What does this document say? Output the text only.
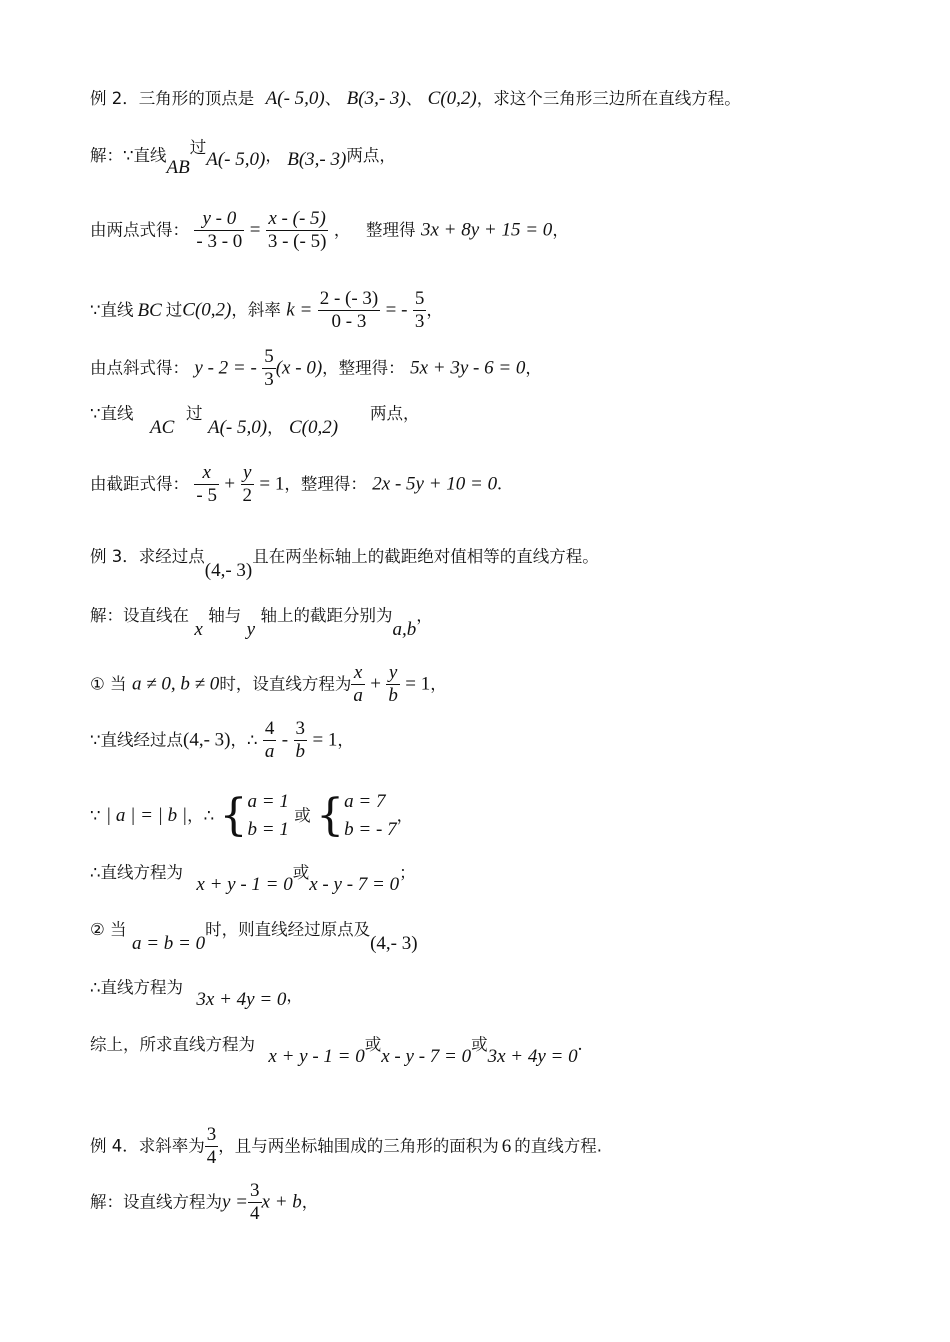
例 2．三角形的顶点是 A(- 5,0)、 B(3,- 3)、 C(0,2)，求这个三角形三边所在直线方程。
解：∵直线AB过A(- 5,0)， B(3,- 3)两点，
由两点式得： $\frac{y - 0}{- 3 - 0} = \frac{x - (- 5)}{3 - (- 5)}$ ，   整理得 3x + 8y + 15 = 0，
∵直线 BC 过C(0,2)，斜率 $k = \frac{2 - (- 3)}{0 - 3}$ = - $\frac{5}{3}$ ，
由点斜式得： y - 2 = - $\frac{5}{3} (x - 0)$，整理得： 5x + 3y - 6 = 0，
∵直线

AC
过
A(- 5,0)， C(0,2)
两点，
由截距式得： $\frac{x}{- 5} + \frac{y}{2} = 1$，整理得： 2x - 5y + 10 = 0.
例 3．求经过点(4,- 3)且在两坐标轴上的截距绝对值相等的直线方程。
解：设直线在 x 轴与 y 轴上的截距分别为a,b，
① 当 a ≠ 0, b ≠ 0时，设直线方程为 $\frac{x}{a} + \frac{y}{b} = 1$，
∵直线经过点(4,- 3)，∴ $\frac{4}{a} - \frac{3}{b} = 1$，
∵ | a | = | b |，∴ { a = 1
b = 1
或 { a = 7
b = - 7
，
∴直线方程为 x + y - 1 = 0或x - y - 7 = 0；
② 当 a = b = 0时，则直线经过原点及(4,- 3)
∴直线方程为 3x + 4y = 0，
综上，所求直线方程为 x + y - 1 = 0或x - y - 7 = 0或3x + 4y = 0.
例 4．求斜率为 $\frac{3}{4}$ ，且与两坐标轴围成的三角形的面积为 6 的直线方程.
解：设直线方程为$y = \frac{3}{4}$ x + b，
